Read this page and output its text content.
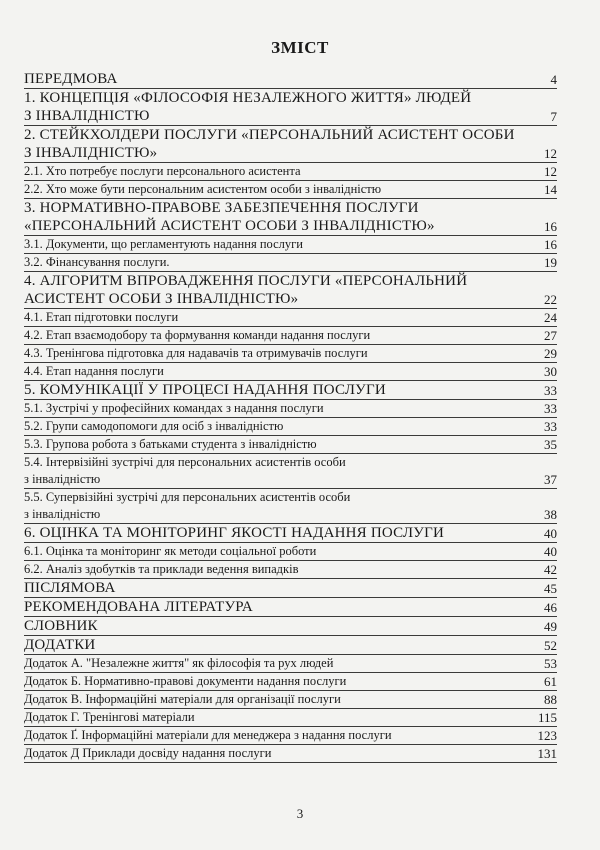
ЗМІСТ
ПЕРЕДМОВА	4
1. КОНЦЕПЦІЯ «ФІЛОСОФІЯ НЕЗАЛЕЖНОГО ЖИТТЯ» ЛЮДЕЙ
З ІНВАЛІДНІСТЮ	7
2. СТЕЙКХОЛДЕРИ ПОСЛУГИ «ПЕРСОНАЛЬНИЙ АСИСТЕНТ ОСОБИ
З ІНВАЛІДНІСТЮ»	12
2.1. Хто потребує послуги персонального асистента	12
2.2. Хто може бути персональним асистентом особи з інвалідністю	14
3. НОРМАТИВНО-ПРАВОВЕ ЗАБЕЗПЕЧЕННЯ ПОСЛУГИ
«ПЕРСОНАЛЬНИЙ АСИСТЕНТ ОСОБИ З ІНВАЛІДНІСТЮ»	16
3.1. Документи, що регламентують надання послуги	16
3.2. Фінансування послуги.	19
4. АЛГОРИТМ ВПРОВАДЖЕННЯ ПОСЛУГИ «ПЕРСОНАЛЬНИЙ
АСИСТЕНТ ОСОБИ З ІНВАЛІДНІСТЮ»	22
4.1. Етап підготовки послуги	24
4.2. Етап взаємодобору та формування команди надання послуги	27
4.3. Тренінгова підготовка для надавачів та отримувачів послуги	29
4.4. Етап надання послуги	30
5. КОМУНІКАЦІЇ У ПРОЦЕСІ НАДАННЯ ПОСЛУГИ	33
5.1. Зустрічі у професійних командах з надання послуги	33
5.2. Групи самодопомоги для осіб з інвалідністю	33
5.3. Групова робота з батьками студента з інвалідністю	35
5.4. Інтервізійні зустрічі для персональних асистентів особи
з інвалідністю	37
5.5. Супервізійні зустрічі для персональних асистентів особи
з інвалідністю	38
6. ОЦІНКА ТА МОНІТОРИНГ ЯКОСТІ НАДАННЯ ПОСЛУГИ	40
6.1. Оцінка та моніторинг як методи соціальної роботи	40
6.2. Аналіз здобутків та приклади ведення випадків	42
ПІСЛЯМОВА	45
РЕКОМЕНДОВАНА ЛІТЕРАТУРА	46
СЛОВНИК	49
ДОДАТКИ	52
Додаток А. "Незалежне життя" як філософія та рух людей	53
Додаток Б. Нормативно-правові документи надання послуги	61
Додаток В. Інформаційні матеріали для організації послуги	88
Додаток Г. Тренінгові матеріали	115
Додаток Ґ. Інформаційні матеріали для менеджера з надання послуги	123
Додаток Д Приклади досвіду надання послуги	131
3
